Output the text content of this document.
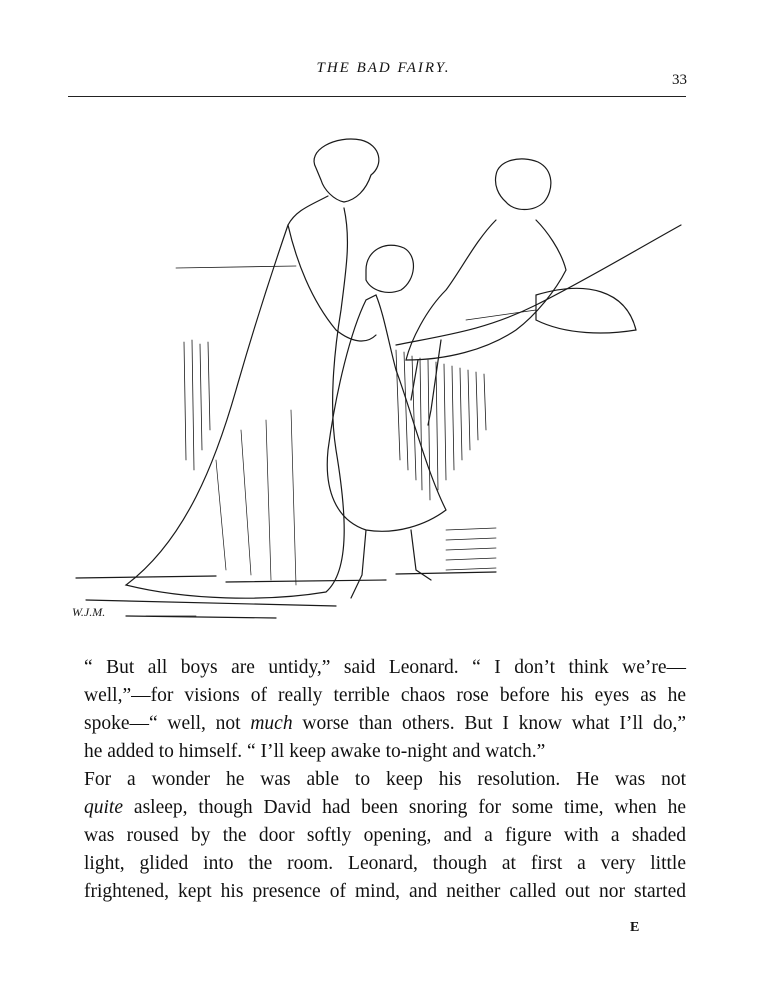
THE BAD FAIRY.
33
W.J.M.
“ But all boys are untidy,” said Leonard. “ I don’t think we’re—
well,”—for visions of really terrible chaos rose before his eyes as he
spoke—“ well, not much worse than others. But I know what I’ll do,”
he added to himself. “ I’ll keep awake to-night and watch.”
For a wonder he was able to keep his resolution. He was not
quite asleep, though David had been snoring for some time, when he
was roused by the door softly opening, and a figure with a shaded
light, glided into the room. Leonard, though at first a very little
frightened, kept his presence of mind, and neither called out nor started
E
